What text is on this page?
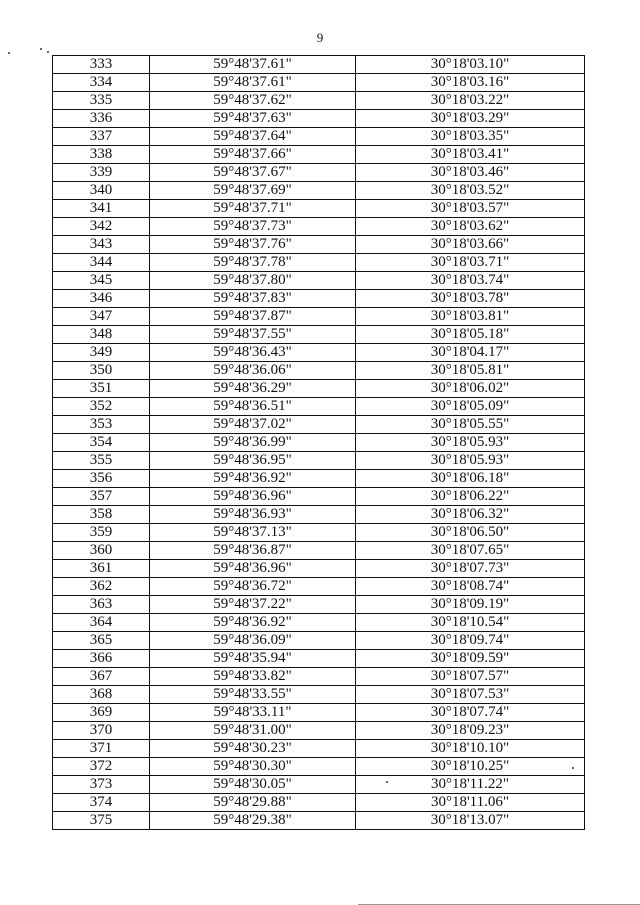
9
333	59°48'37.61"	30°18'03.10"
334	59°48'37.61"	30°18'03.16"
335	59°48'37.62"	30°18'03.22"
336	59°48'37.63"	30°18'03.29"
337	59°48'37.64"	30°18'03.35"
338	59°48'37.66"	30°18'03.41"
339	59°48'37.67"	30°18'03.46"
340	59°48'37.69"	30°18'03.52"
341	59°48'37.71"	30°18'03.57"
342	59°48'37.73"	30°18'03.62"
343	59°48'37.76"	30°18'03.66"
344	59°48'37.78"	30°18'03.71"
345	59°48'37.80"	30°18'03.74"
346	59°48'37.83"	30°18'03.78"
347	59°48'37.87"	30°18'03.81"
348	59°48'37.55"	30°18'05.18"
349	59°48'36.43"	30°18'04.17"
350	59°48'36.06"	30°18'05.81"
351	59°48'36.29"	30°18'06.02"
352	59°48'36.51"	30°18'05.09"
353	59°48'37.02"	30°18'05.55"
354	59°48'36.99"	30°18'05.93"
355	59°48'36.95"	30°18'05.93"
356	59°48'36.92"	30°18'06.18"
357	59°48'36.96"	30°18'06.22"
358	59°48'36.93"	30°18'06.32"
359	59°48'37.13"	30°18'06.50"
360	59°48'36.87"	30°18'07.65"
361	59°48'36.96"	30°18'07.73"
362	59°48'36.72"	30°18'08.74"
363	59°48'37.22"	30°18'09.19"
364	59°48'36.92"	30°18'10.54"
365	59°48'36.09"	30°18'09.74"
366	59°48'35.94"	30°18'09.59"
367	59°48'33.82"	30°18'07.57"
368	59°48'33.55"	30°18'07.53"
369	59°48'33.11"	30°18'07.74"
370	59°48'31.00"	30°18'09.23"
371	59°48'30.23"	30°18'10.10"
372	59°48'30.30"	30°18'10.25"
373	59°48'30.05"	30°18'11.22"
374	59°48'29.88"	30°18'11.06"
375	59°48'29.38"	30°18'13.07"
